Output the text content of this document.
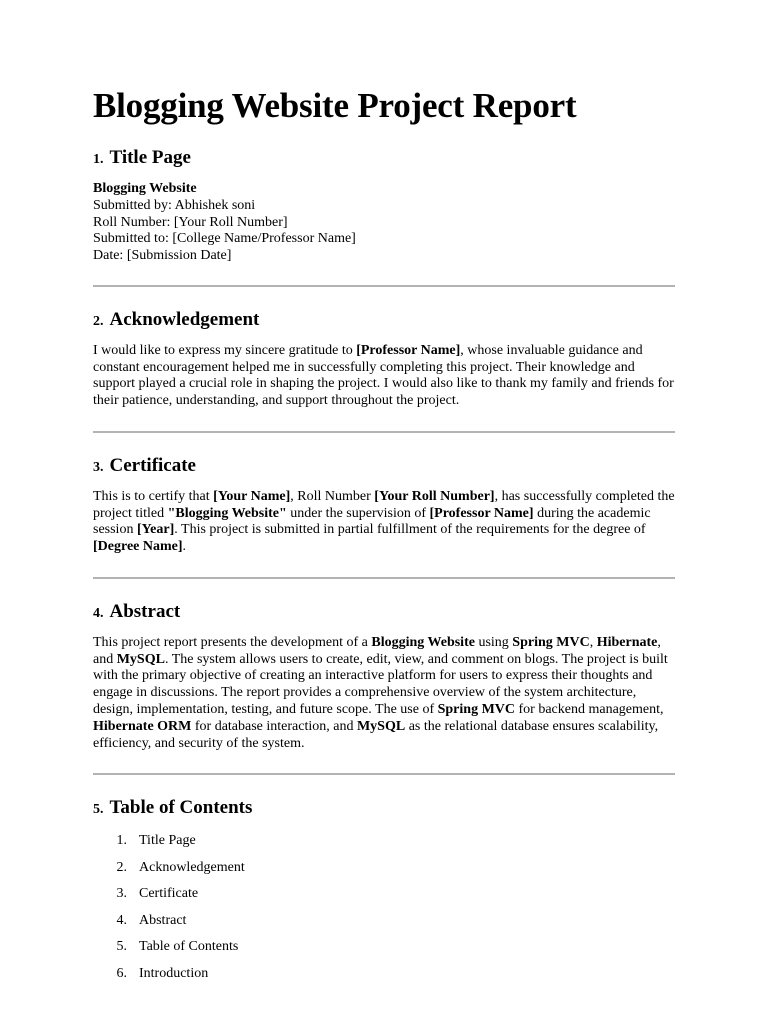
Blogging Website Project Report
1. Title Page
Blogging Website
Submitted by: Abhishek soni
Roll Number: [Your Roll Number]
Submitted to: [College Name/Professor Name]
Date: [Submission Date]
2. Acknowledgement

I would like to express my sincere gratitude to [Professor Name], whose invaluable guidance and constant encouragement helped me in successfully completing this project. Their knowledge and support played a crucial role in shaping the project. I would also like to thank my family and friends for their patience, understanding, and support throughout the project.

3. Certificate

This is to certify that [Your Name], Roll Number [Your Roll Number], has successfully completed the project titled "Blogging Website" under the supervision of [Professor Name] during the academic session [Year]. This project is submitted in partial fulfillment of the requirements for the degree of [Degree Name].

4. Abstract

This project report presents the development of a Blogging Website using Spring MVC, Hibernate, and MySQL. The system allows users to create, edit, view, and comment on blogs. The project is built with the primary objective of creating an interactive platform for users to express their thoughts and engage in discussions. The report provides a comprehensive overview of the system architecture, design, implementation, testing, and future scope. The use of Spring MVC for backend management, Hibernate ORM for database interaction, and MySQL as the relational database ensures scalability, efficiency, and security of the system.

5. Table of Contents
1. Title Page
2. Acknowledgement
3. Certificate
4. Abstract
5. Table of Contents
6. Introduction
